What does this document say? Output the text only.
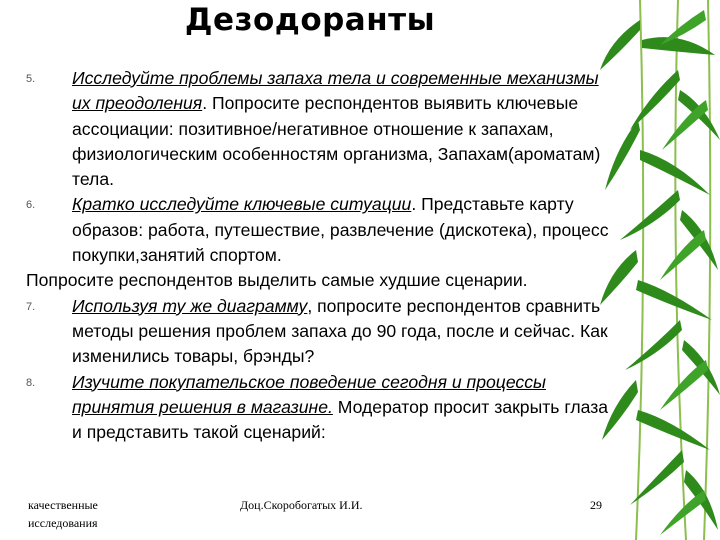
Дезодоранты
5. Исследуйте проблемы запаха тела и современные механизмы их преодоления. Попросите респондентов выявить ключевые ассоциации: позитивное/негативное отношение к запахам, физиологическим особенностям организма, Запахам(ароматам) тела.
6. Кратко исследуйте ключевые ситуации. Представьте карту образов: работа, путешествие, развлечение (дискотека), процесс покупки,занятий спортом.
Попросите респондентов выделить самые худшие сценарии.
7. Используя ту же диаграмму, попросите респондентов сравнить методы решения проблем запаха до 90 года, после и сейчас. Как изменились товары, брэнды?
8. Изучите покупательское поведение сегодня и процессы принятия решения в магазине. Модератор просит закрыть глаза и представить такой сценарий:
качественные исследования
Доц.Скоробогатых И.И.	29
